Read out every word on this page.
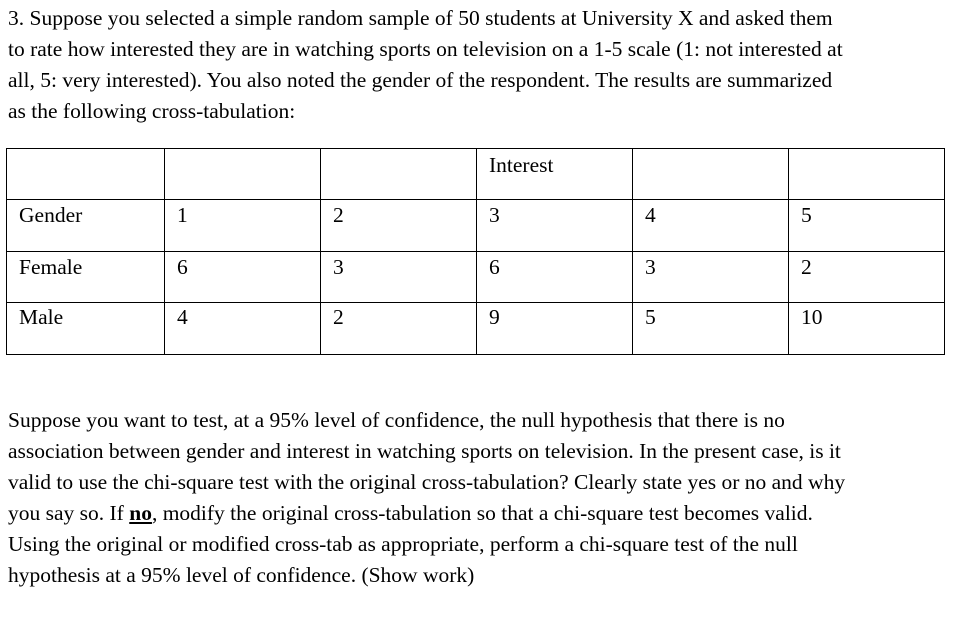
3. Suppose you selected a simple random sample of 50 students at University X and asked them
to rate how interested they are in watching sports on television on a 1-5 scale (1: not interested at
all, 5: very interested). You also noted the gender of the respondent. The results are summarized
as the following cross-tabulation:
			Interest		
Gender	1	2	3	4	5
Female	6	3	6	3	2
Male	4	2	9	5	10
Suppose you want to test, at a 95% level of confidence, the null hypothesis that there is no
association between gender and interest in watching sports on television. In the present case, is it
valid to use the chi-square test with the original cross-tabulation? Clearly state yes or no and why
you say so. If no, modify the original cross-tabulation so that a chi-square test becomes valid.
Using the original or modified cross-tab as appropriate, perform a chi-square test of the null
hypothesis at a 95% level of confidence. (Show work)
